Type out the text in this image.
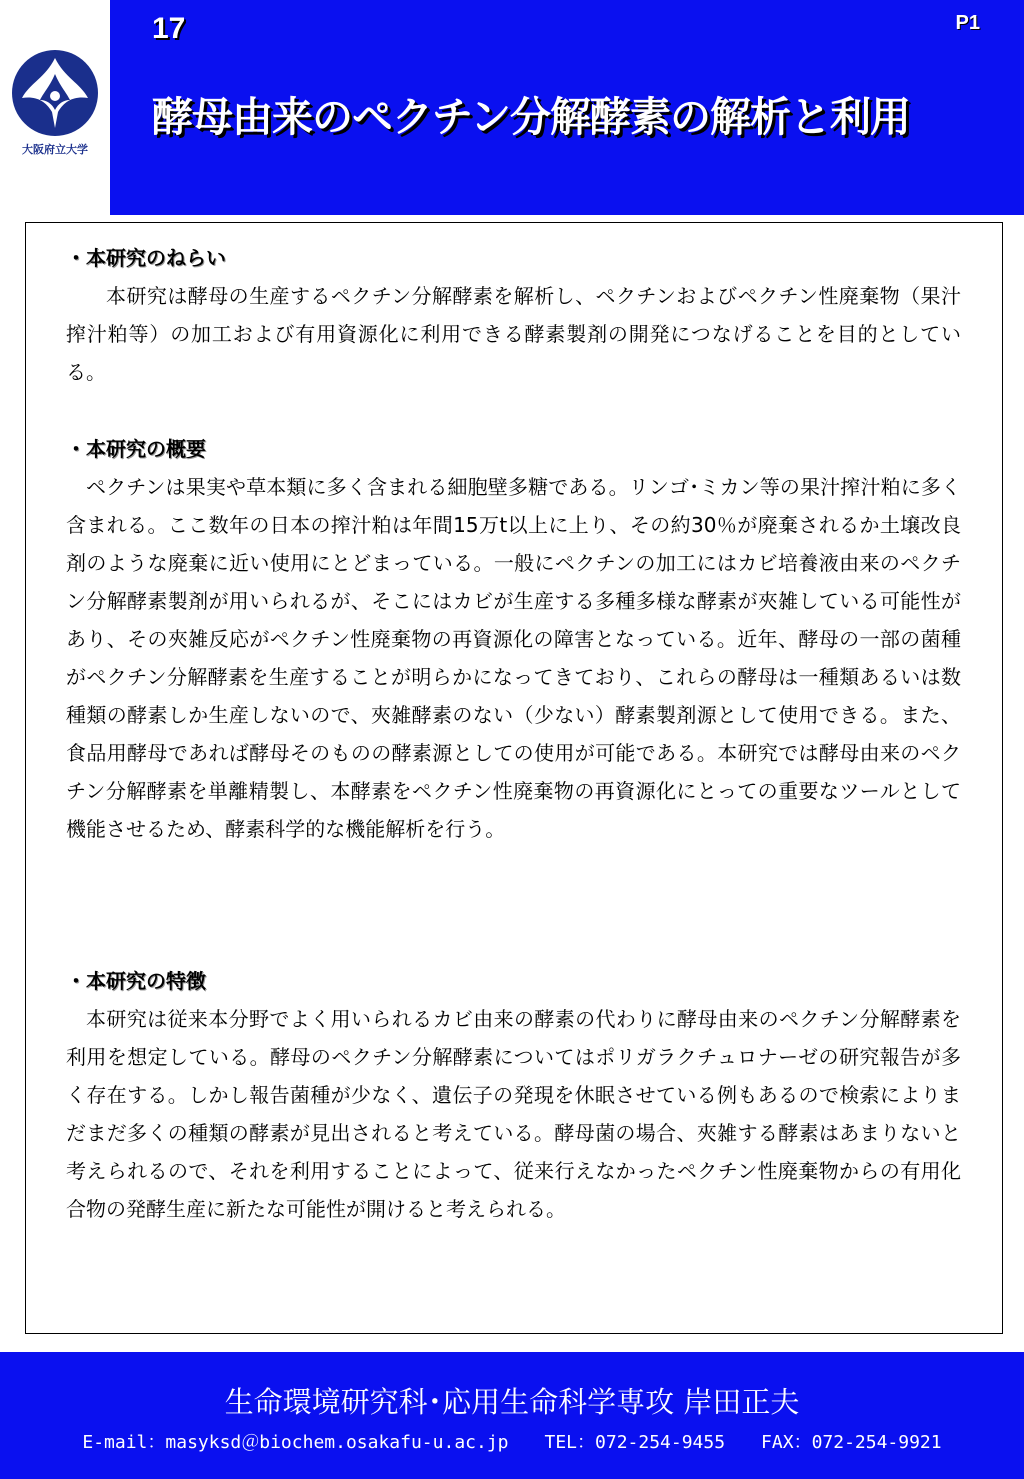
大阪府立大学
17	P1
酵母由来のペクチン分解酵素の解析と利用

・本研究のねらい

本研究は酵母の生産するペクチン分解酵素を解析し、ペクチンおよびペクチン性廃棄物（果汁搾汁粕等）の加工および有用資源化に利用できる酵素製剤の開発につなげることを目的としている。

・本研究の概要

ペクチンは果実や草本類に多く含まれる細胞壁多糖である。リンゴ･ミカン等の果汁搾汁粕に多く含まれる。ここ数年の日本の搾汁粕は年間15万t以上に上り、その約30％が廃棄されるか土壌改良剤のような廃棄に近い使用にとどまっている。一般にペクチンの加工にはカビ培養液由来のペクチン分解酵素製剤が用いられるが、そこにはカビが生産する多種多様な酵素が夾雑している可能性があり、その夾雑反応がペクチン性廃棄物の再資源化の障害となっている。近年、酵母の一部の菌種がペクチン分解酵素を生産することが明らかになってきており、これらの酵母は一種類あるいは数種類の酵素しか生産しないので、夾雑酵素のない（少ない）酵素製剤源として使用できる。また、食品用酵母であれば酵母そのものの酵素源としての使用が可能である。本研究では酵母由来のペクチン分解酵素を単離精製し、本酵素をペクチン性廃棄物の再資源化にとっての重要なツールとして機能させるため、酵素科学的な機能解析を行う。

・本研究の特徴

本研究は従来本分野でよく用いられるカビ由来の酵素の代わりに酵母由来のペクチン分解酵素を利用を想定している。酵母のペクチン分解酵素についてはポリガラクチュロナーゼの研究報告が多く存在する。しかし報告菌種が少なく、遺伝子の発現を休眠させている例もあるので検索によりまだまだ多くの種類の酵素が見出されると考えている。酵母菌の場合、夾雑する酵素はあまりないと考えられるので、それを利用することによって、従来行えなかったペクチン性廃棄物からの有用化合物の発酵生産に新たな可能性が開けると考えられる。

生命環境研究科･応用生命科学専攻 岸田正夫
E-mail：masyksd＠biochem.osakafu-u.ac.jp　　TEL：072-254-9455　　FAX：072-254-9921
